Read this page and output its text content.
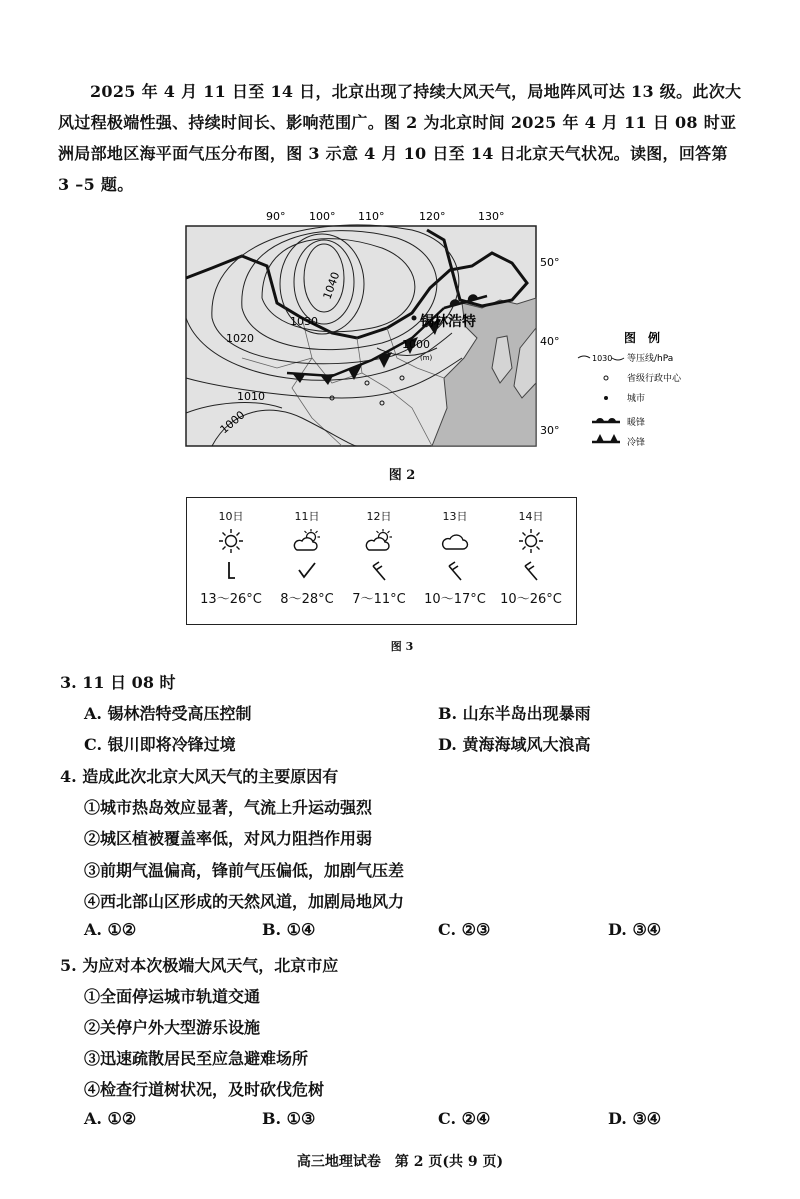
2025 年 4 月 11 日至 14 日，北京出现了持续大风天气，局地阵风可达 13 级。此次大

风过程极端性强、持续时间长、影响范围广。图 2 为北京时间 2025 年 4 月 11 日 08 时亚
洲局部地区海平面气压分布图，图 3 示意 4 月 10 日至 14 日北京天气状况。读图，回答第
3 –5 题。
90° 100° 110°	120°	130°
50°
40°
30°
1040
1030
1020
1010
1000
1000
(m)
锡林浩特
图　例
1030 等压线/hPa
省级行政中心
城市
暖锋
冷锋
图 2
10日
13～26°C
11日
8～28°C
12日
7～11°C
13日
10～17°C
14日
10～26°C
图 3
3. 11 日 08 时
A. 锡林浩特受高压控制	B. 山东半岛出现暴雨
C. 银川即将冷锋过境	D. 黄海海域风大浪高
4. 造成此次北京大风天气的主要原因有
①城市热岛效应显著，气流上升运动强烈
②城区植被覆盖率低，对风力阻挡作用弱
③前期气温偏高，锋前气压偏低，加剧气压差
④西北部山区形成的天然风道，加剧局地风力
A. ①②	B. ①④	C. ②③	D. ③④
5. 为应对本次极端大风天气，北京市应
①全面停运城市轨道交通
②关停户外大型游乐设施
③迅速疏散居民至应急避难场所
④检查行道树状况，及时砍伐危树
A. ①②	B. ①③	C. ②④	D. ③④
高三地理试卷　第 2 页(共 9 页)
